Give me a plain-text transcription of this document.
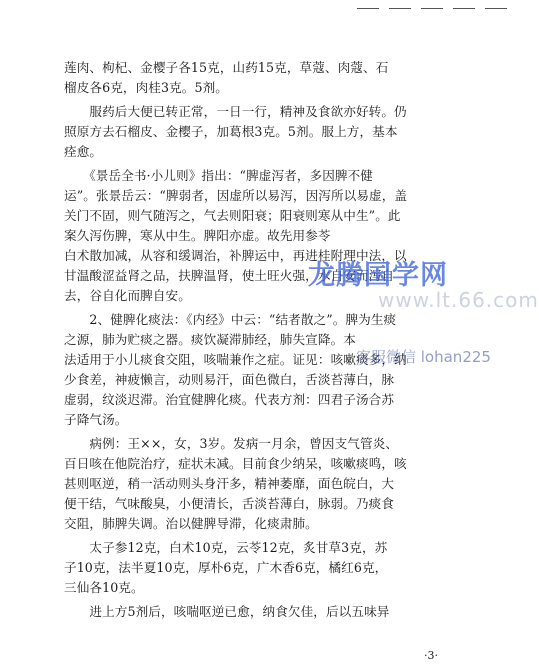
莲肉、枸杞、金樱子各15克，山药15克，草蔻、肉蔻、石
榴皮各6克，肉桂3克。5剂。
　　服药后大便已转正常，一日一行，精神及食欲亦好转。仍
照原方去石榴皮、金樱子，加葛根3克。5剂。服上方，基本
痊愈。
　　《景岳全书·小儿则》指出：“脾虚泻者，多因脾不健
运”。张景岳云：“脾弱者，因虚所以易泻，因泻所以易虚，盖
关门不固，则气随泻之，气去则阳衰；阳衰则寒从中生”。此
案久泻伤脾，寒从中生。脾阳亦虚。故先用参苓
白术散加减，从容和缓调治，补脾运中，再进桂附理中法，以
甘温酸涩益肾之品，扶脾温肾，使土旺火强，水自安而泻自
去，谷自化而脾自安。
　　2、健脾化痰法：《内经》中云：“结者散之”。脾为生痰
之源，肺为贮痰之器。痰饮凝滞肺经，肺失宣降。本
法适用于小儿痰食交阻，咳喘兼作之症。证见：咳嗽痰多，纳
少食差，神疲懒言，动则易汗，面色微白，舌淡苔薄白，脉
虚弱，纹淡迟滞。治宜健脾化痰。代表方剂：四君子汤合苏
子降气汤。
　　病例：王××，女，3岁。发病一月余，曾因支气管炎、
百日咳在他院治疗，症状未减。目前食少纳呆，咳嗽痰鸣，咳
甚则呕逆，稍一活动则头身汗多，精神萎靡，面色皖白，大
便干结，气味酸臭，小便清长，舌淡苔薄白，脉弱。乃痰食
交阻，肺脾失调。治以健脾导滞，化痰肃肺。
　　太子参12克，白术10克，云苓12克，炙甘草3克，苏
子10克，法半夏10克，厚朴6克，广木香6克，橘红6克，
三仙各10克。
　　进上方5剂后，咳喘呕逆已愈，纳食欠佳，后以五味异
龙腾国学网
www.lt.66.com
客服微信 lohan225
·3·
